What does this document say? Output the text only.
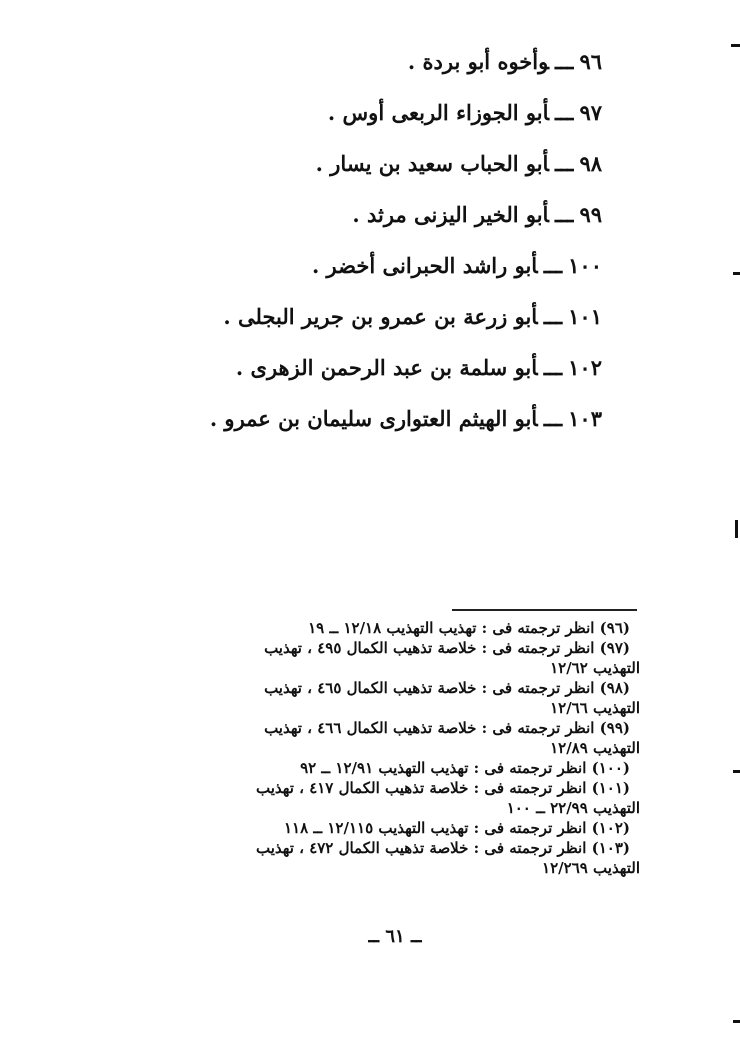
٩٦ـــوأخوه أبو بردة .
٩٧ـــأبو الجوزاء الربعى أوس .
٩٨ـــأبو الحباب سعيد بن يسار .
٩٩ـــأبو الخير اليزنى مرثد .
١٠٠ـــأبو راشد الحبرانى أخضر .
١٠١ـــأبو زرعة بن عمرو بن جرير البجلى .
١٠٢ـــأبو سلمة بن عبد الرحمن الزهرى .
١٠٣ـــأبو الهيثم العتوارى سليمان بن عمرو .
(٩٦) انظر ترجمته فى : تهذيب التهذيب ١٢/١٨ ــ ١٩
(٩٧) انظر ترجمته فى : خلاصة تذهيب الكمال ٤٩٥ ، تهذيب
التهذيب ١٢/٦٢
(٩٨) انظر ترجمته فى : خلاصة تذهيب الكمال ٤٦٥ ، تهذيب
التهذيب ١٢/٦٦
(٩٩) انظر ترجمته فى : خلاصة تذهيب الكمال ٤٦٦ ، تهذيب
التهذيب ١٢/٨٩
(١٠٠) انظر ترجمته فى : تهذيب التهذيب ١٢/٩١ ــ ٩٢
(١٠١) انظر ترجمته فى : خلاصة تذهيب الكمال ٤١٧ ، تهذيب
التهذيب ٢٢/٩٩ ــ ١٠٠
(١٠٢) انظر ترجمته فى : تهذيب التهذيب ١٢/١١٥ ــ ١١٨
(١٠٣) انظر ترجمته فى : خلاصة تذهيب الكمال ٤٧٢ ، تهذيب
التهذيب ١٢/٢٦٩
ــ ٦١ ــ
